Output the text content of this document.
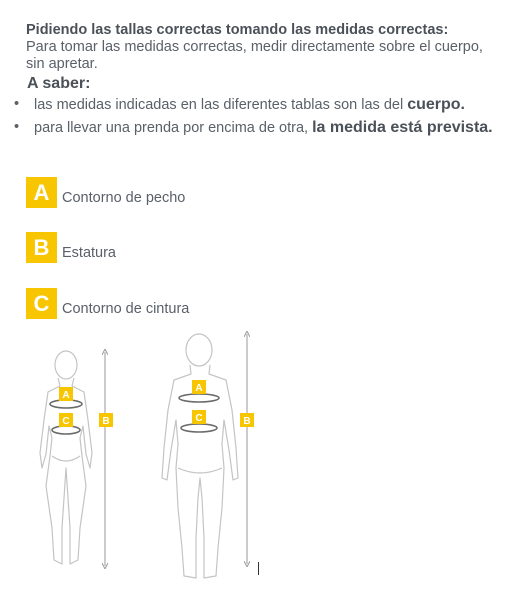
Pidiendo las tallas correctas tomando las medidas correctas:
Para tomar las medidas correctas, medir directamente sobre el cuerpo, sin apretar.
A saber:
• las medidas indicadas en las diferentes tablas son las del cuerpo.
• para llevar una prenda por encima de otra, la medida está prevista.
A Contorno de pecho
B Estatura
C Contorno de cintura
A
C	B
A
C	B
